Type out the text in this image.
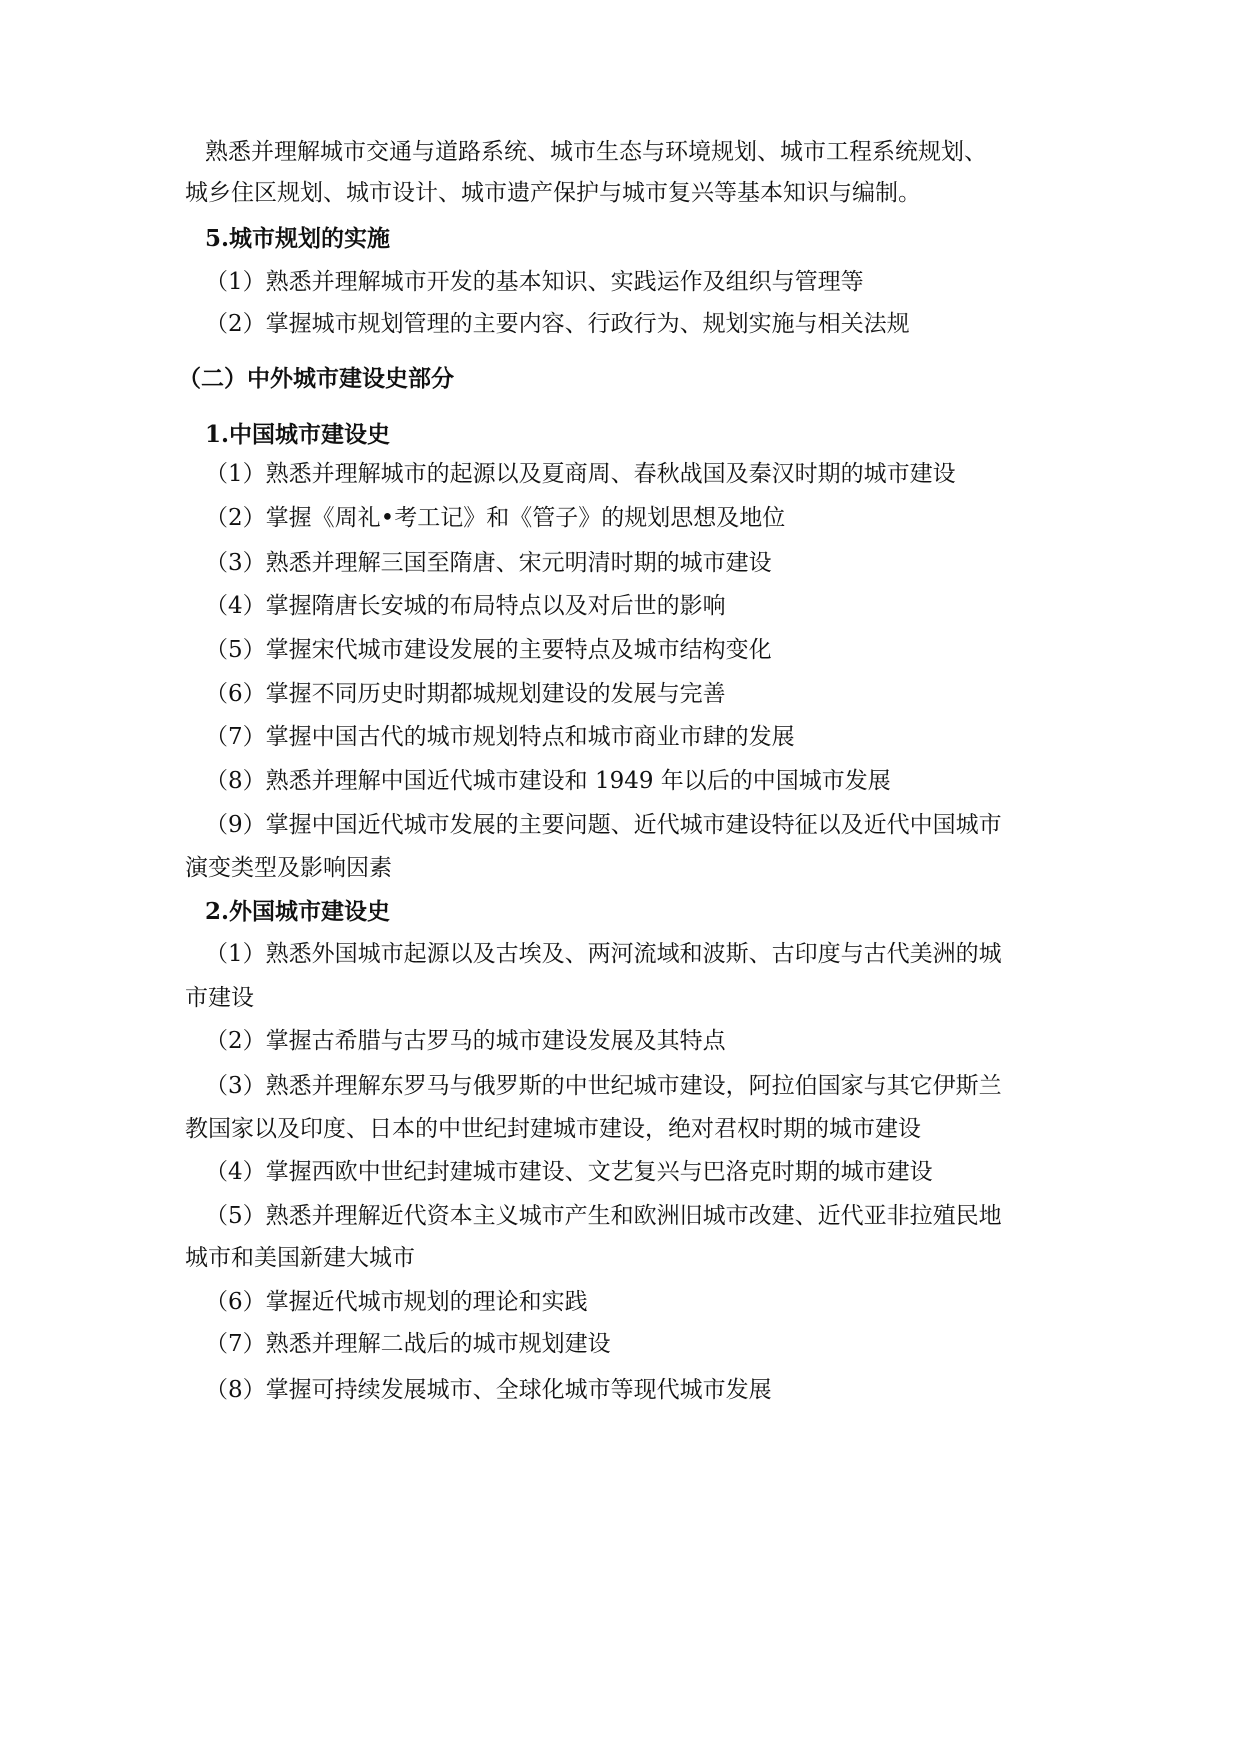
熟悉并理解城市交通与道路系统、城市生态与环境规划、城市工程系统规划、
城乡住区规划、城市设计、城市遗产保护与城市复兴等基本知识与编制。
5.城市规划的实施
（1）熟悉并理解城市开发的基本知识、实践运作及组织与管理等
（2）掌握城市规划管理的主要内容、行政行为、规划实施与相关法规
（二）中外城市建设史部分
1.中国城市建设史
（1）熟悉并理解城市的起源以及夏商周、春秋战国及秦汉时期的城市建设
（2）掌握《周礼•考工记》和《管子》的规划思想及地位
（3）熟悉并理解三国至隋唐、宋元明清时期的城市建设
（4）掌握隋唐长安城的布局特点以及对后世的影响
（5）掌握宋代城市建设发展的主要特点及城市结构变化
（6）掌握不同历史时期都城规划建设的发展与完善
（7）掌握中国古代的城市规划特点和城市商业市肆的发展
（8）熟悉并理解中国近代城市建设和 1949 年以后的中国城市发展
（9）掌握中国近代城市发展的主要问题、近代城市建设特征以及近代中国城市
演变类型及影响因素
2.外国城市建设史
（1）熟悉外国城市起源以及古埃及、两河流域和波斯、古印度与古代美洲的城
市建设
（2）掌握古希腊与古罗马的城市建设发展及其特点
（3）熟悉并理解东罗马与俄罗斯的中世纪城市建设，阿拉伯国家与其它伊斯兰
教国家以及印度、日本的中世纪封建城市建设，绝对君权时期的城市建设
（4）掌握西欧中世纪封建城市建设、文艺复兴与巴洛克时期的城市建设
（5）熟悉并理解近代资本主义城市产生和欧洲旧城市改建、近代亚非拉殖民地
城市和美国新建大城市
（6）掌握近代城市规划的理论和实践
（7）熟悉并理解二战后的城市规划建设
（8）掌握可持续发展城市、全球化城市等现代城市发展
